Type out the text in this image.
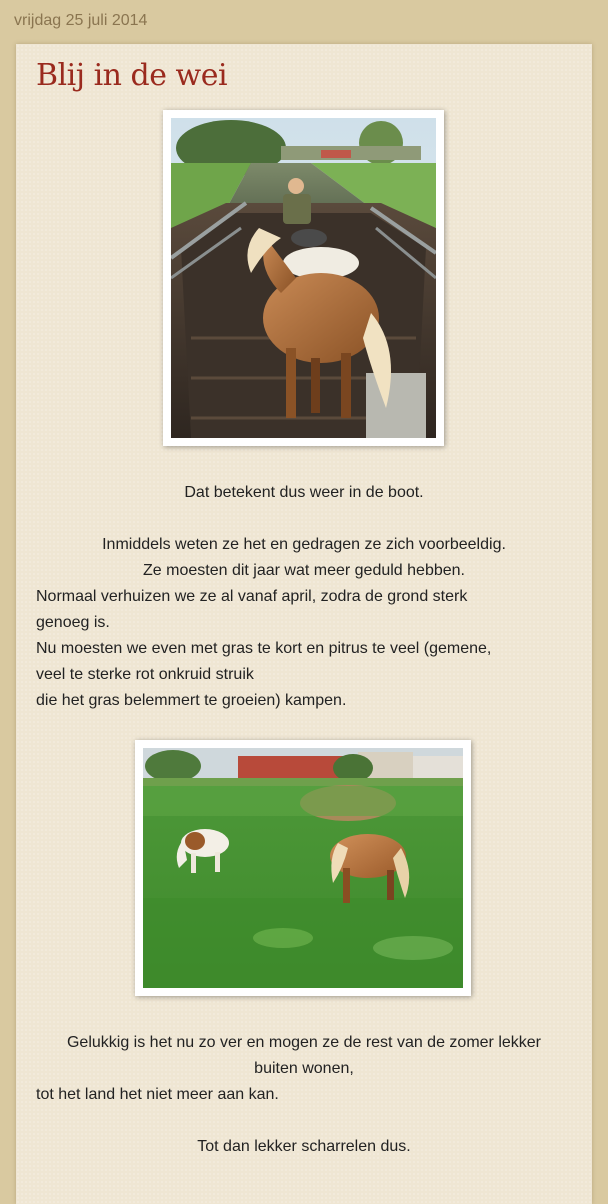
vrijdag 25 juli 2014
Blij in de wei

Dat betekent dus weer in de boot.

Inmiddels weten ze het en gedragen ze zich voorbeeldig.

Ze moesten dit jaar wat meer geduld hebben.

Normaal verhuizen we ze al vanaf april, zodra de grond sterk

genoeg is.

Nu moesten we even met gras te kort en pitrus te veel (gemene,

veel te sterke rot onkruid struik

die het gras belemmert te groeien) kampen.

Gelukkig is het nu zo ver en mogen ze de rest van de zomer lekker

buiten wonen,

tot het land het niet meer aan kan.

Tot dan lekker scharrelen dus.
